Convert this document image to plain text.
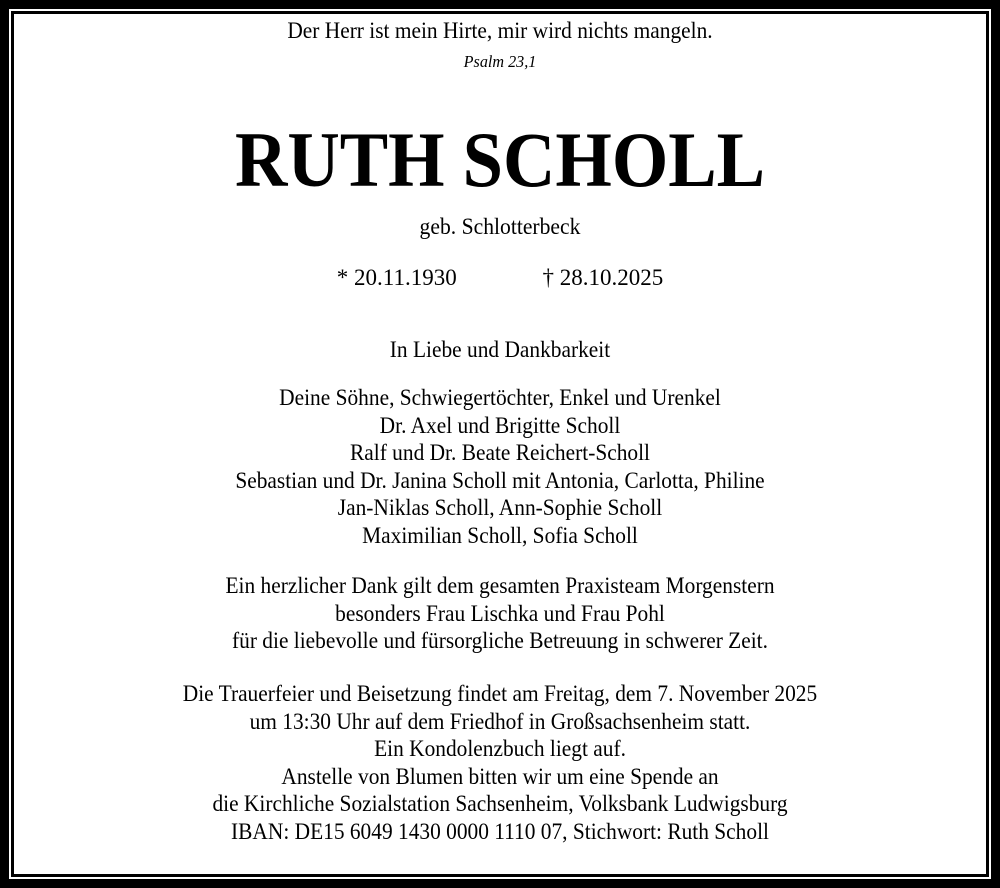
Der Herr ist mein Hirte, mir wird nichts mangeln.
Psalm 23,1
RUTH SCHOLL
geb. Schlotterbeck
* 20.11.1930	† 28.10.2025
In Liebe und Dankbarkeit
Deine Söhne, Schwiegertöchter, Enkel und Urenkel
Dr. Axel und Brigitte Scholl
Ralf und Dr. Beate Reichert-Scholl
Sebastian und Dr. Janina Scholl mit Antonia, Carlotta, Philine
Jan-Niklas Scholl, Ann-Sophie Scholl
Maximilian Scholl, Sofia Scholl
Ein herzlicher Dank gilt dem gesamten Praxisteam Morgenstern
besonders Frau Lischka und Frau Pohl
für die liebevolle und fürsorgliche Betreuung in schwerer Zeit.
Die Trauerfeier und Beisetzung findet am Freitag, dem 7. November 2025
um 13:30 Uhr auf dem Friedhof in Großsachsenheim statt.
Ein Kondolenzbuch liegt auf.
Anstelle von Blumen bitten wir um eine Spende an
die Kirchliche Sozialstation Sachsenheim, Volksbank Ludwigsburg
IBAN: DE15 6049 1430 0000 1110 07, Stichwort: Ruth Scholl
